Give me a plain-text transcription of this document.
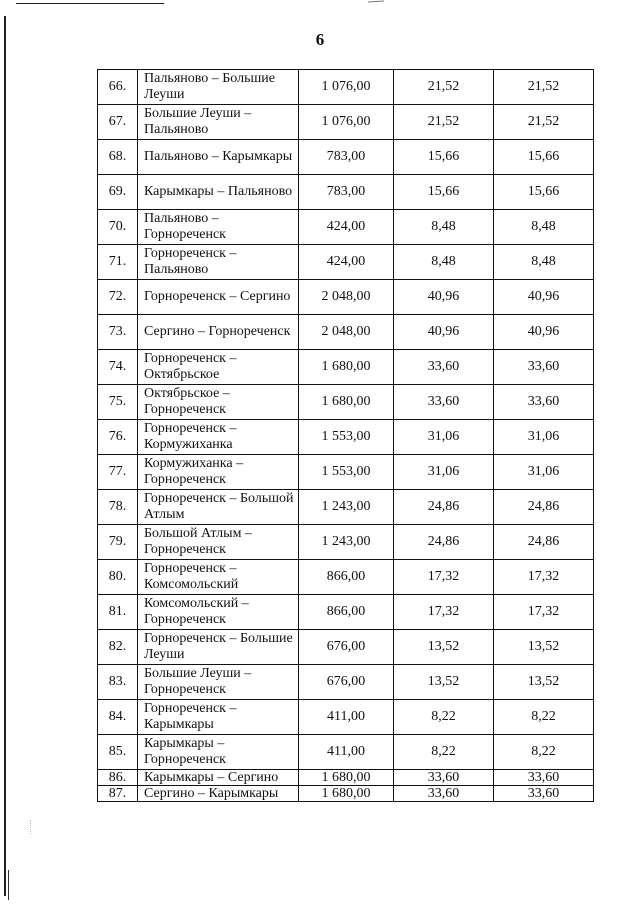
6
66.	Пальяново – Большие Леуши	1 076,00	21,52	21,52
67.	Большие Леуши – Пальяново	1 076,00	21,52	21,52
68.	Пальяново – Карымкары	783,00	15,66	15,66
69.	Карымкары – Пальяново	783,00	15,66	15,66
70.	Пальяново – Горнореченск	424,00	8,48	8,48
71.	Горнореченск – Пальяново	424,00	8,48	8,48
72.	Горнореченск – Сергино	2 048,00	40,96	40,96
73.	Сергино – Горнореченск	2 048,00	40,96	40,96
74.	Горнореченск – Октябрьское	1 680,00	33,60	33,60
75.	Октябрьское – Горнореченск	1 680,00	33,60	33,60
76.	Горнореченск – Кормужиханка	1 553,00	31,06	31,06
77.	Кормужиханка – Горнореченск	1 553,00	31,06	31,06
78.	Горнореченск – Большой Атлым	1 243,00	24,86	24,86
79.	Большой Атлым – Горнореченск	1 243,00	24,86	24,86
80.	Горнореченск – Комсомольский	866,00	17,32	17,32
81.	Комсомольский – Горнореченск	866,00	17,32	17,32
82.	Горнореченск – Большие Леуши	676,00	13,52	13,52
83.	Большие Леуши – Горнореченск	676,00	13,52	13,52
84.	Горнореченск – Карымкары	411,00	8,22	8,22
85.	Карымкары – Горнореченск	411,00	8,22	8,22
86.	Карымкары – Сергино	1 680,00	33,60	33,60
87.	Сергино – Карымкары	1 680,00	33,60	33,60
